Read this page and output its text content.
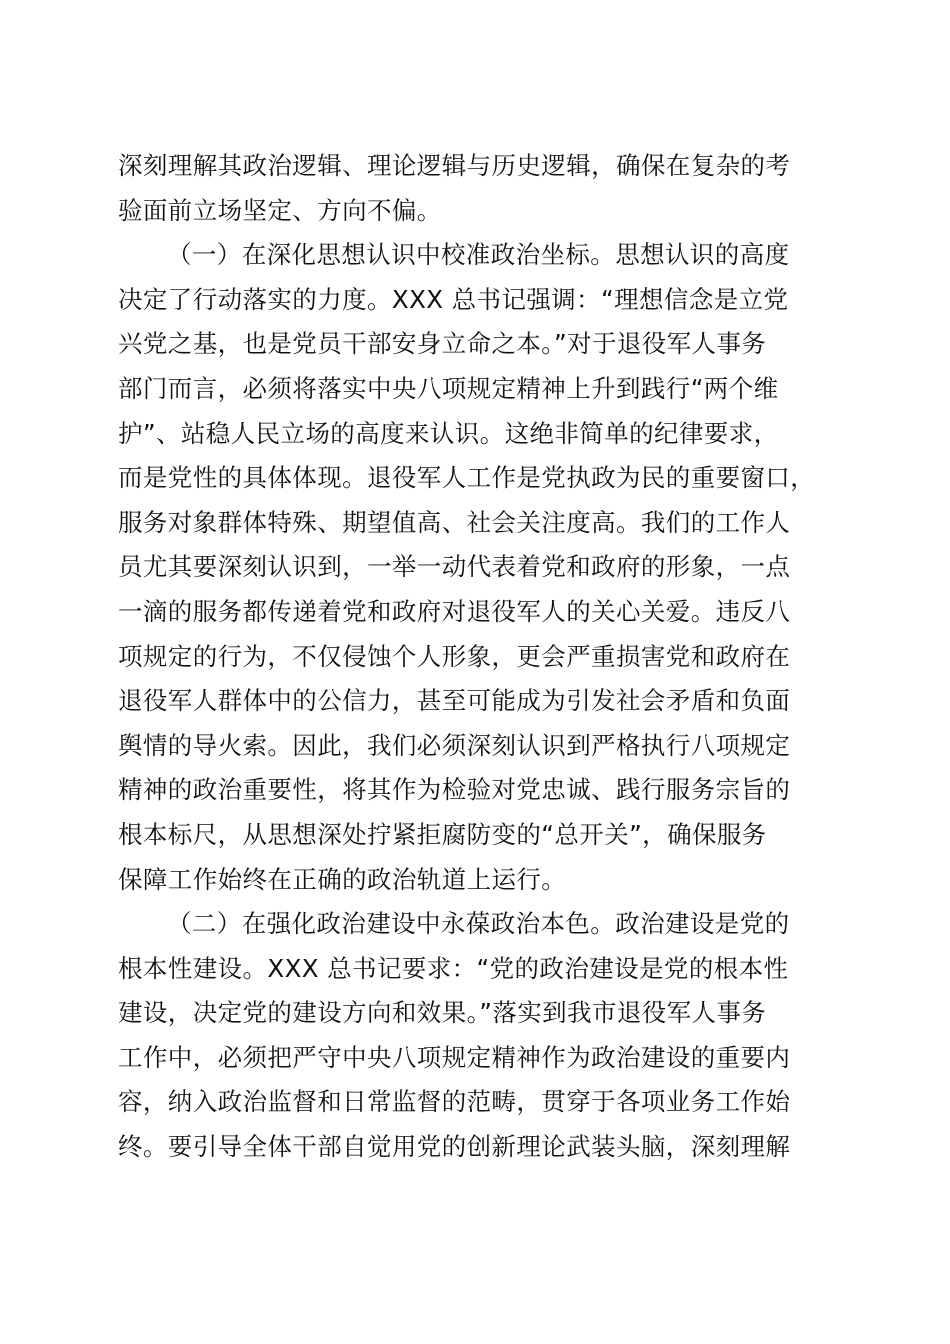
深刻理解其政治逻辑、理论逻辑与历史逻辑，确保在复杂的考
验面前立场坚定、方向不偏。
（一）在深化思想认识中校准政治坐标。思想认识的高度
决定了行动落实的力度。XXX 总书记强调：“理想信念是立党
兴党之基，也是党员干部安身立命之本。”对于退役军人事务
部门而言，必须将落实中央八项规定精神上升到践行“两个维
护”、站稳人民立场的高度来认识。这绝非简单的纪律要求，
而是党性的具体体现。退役军人工作是党执政为民的重要窗口，
服务对象群体特殊、期望值高、社会关注度高。我们的工作人
员尤其要深刻认识到，一举一动代表着党和政府的形象，一点
一滴的服务都传递着党和政府对退役军人的关心关爱。违反八
项规定的行为，不仅侵蚀个人形象，更会严重损害党和政府在
退役军人群体中的公信力，甚至可能成为引发社会矛盾和负面
舆情的导火索。因此，我们必须深刻认识到严格执行八项规定
精神的政治重要性，将其作为检验对党忠诚、践行服务宗旨的
根本标尺，从思想深处拧紧拒腐防变的“总开关”，确保服务
保障工作始终在正确的政治轨道上运行。
（二）在强化政治建设中永葆政治本色。政治建设是党的
根本性建设。XXX 总书记要求：“党的政治建设是党的根本性
建设，决定党的建设方向和效果。”落实到我市退役军人事务
工作中，必须把严守中央八项规定精神作为政治建设的重要内
容，纳入政治监督和日常监督的范畴，贯穿于各项业务工作始
终。要引导全体干部自觉用党的创新理论武装头脑，深刻理解
